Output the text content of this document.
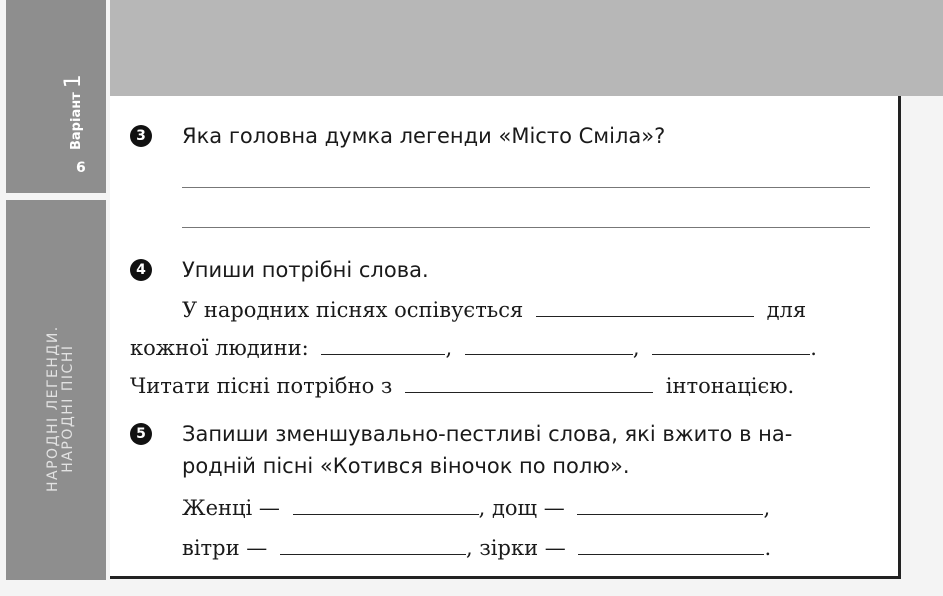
Варіант1
6
НАРОДНІ ЛЕГЕНДИ. НАРОДНІ ПІСНІ
3 Яка головна думка легенди «Місто Сміла»?
4 Упиши потрібні слова.
У народних піснях оспівується	для
кожної людини:	,	,	.
Читати пісні потрібно з	інтонацією.
5 Запиши зменшувально-пестливі слова, які вжито в на-
родній пісні «Котився віночок по полю».
Женці —	, дощ —	,
вітри —	, зірки —	.
